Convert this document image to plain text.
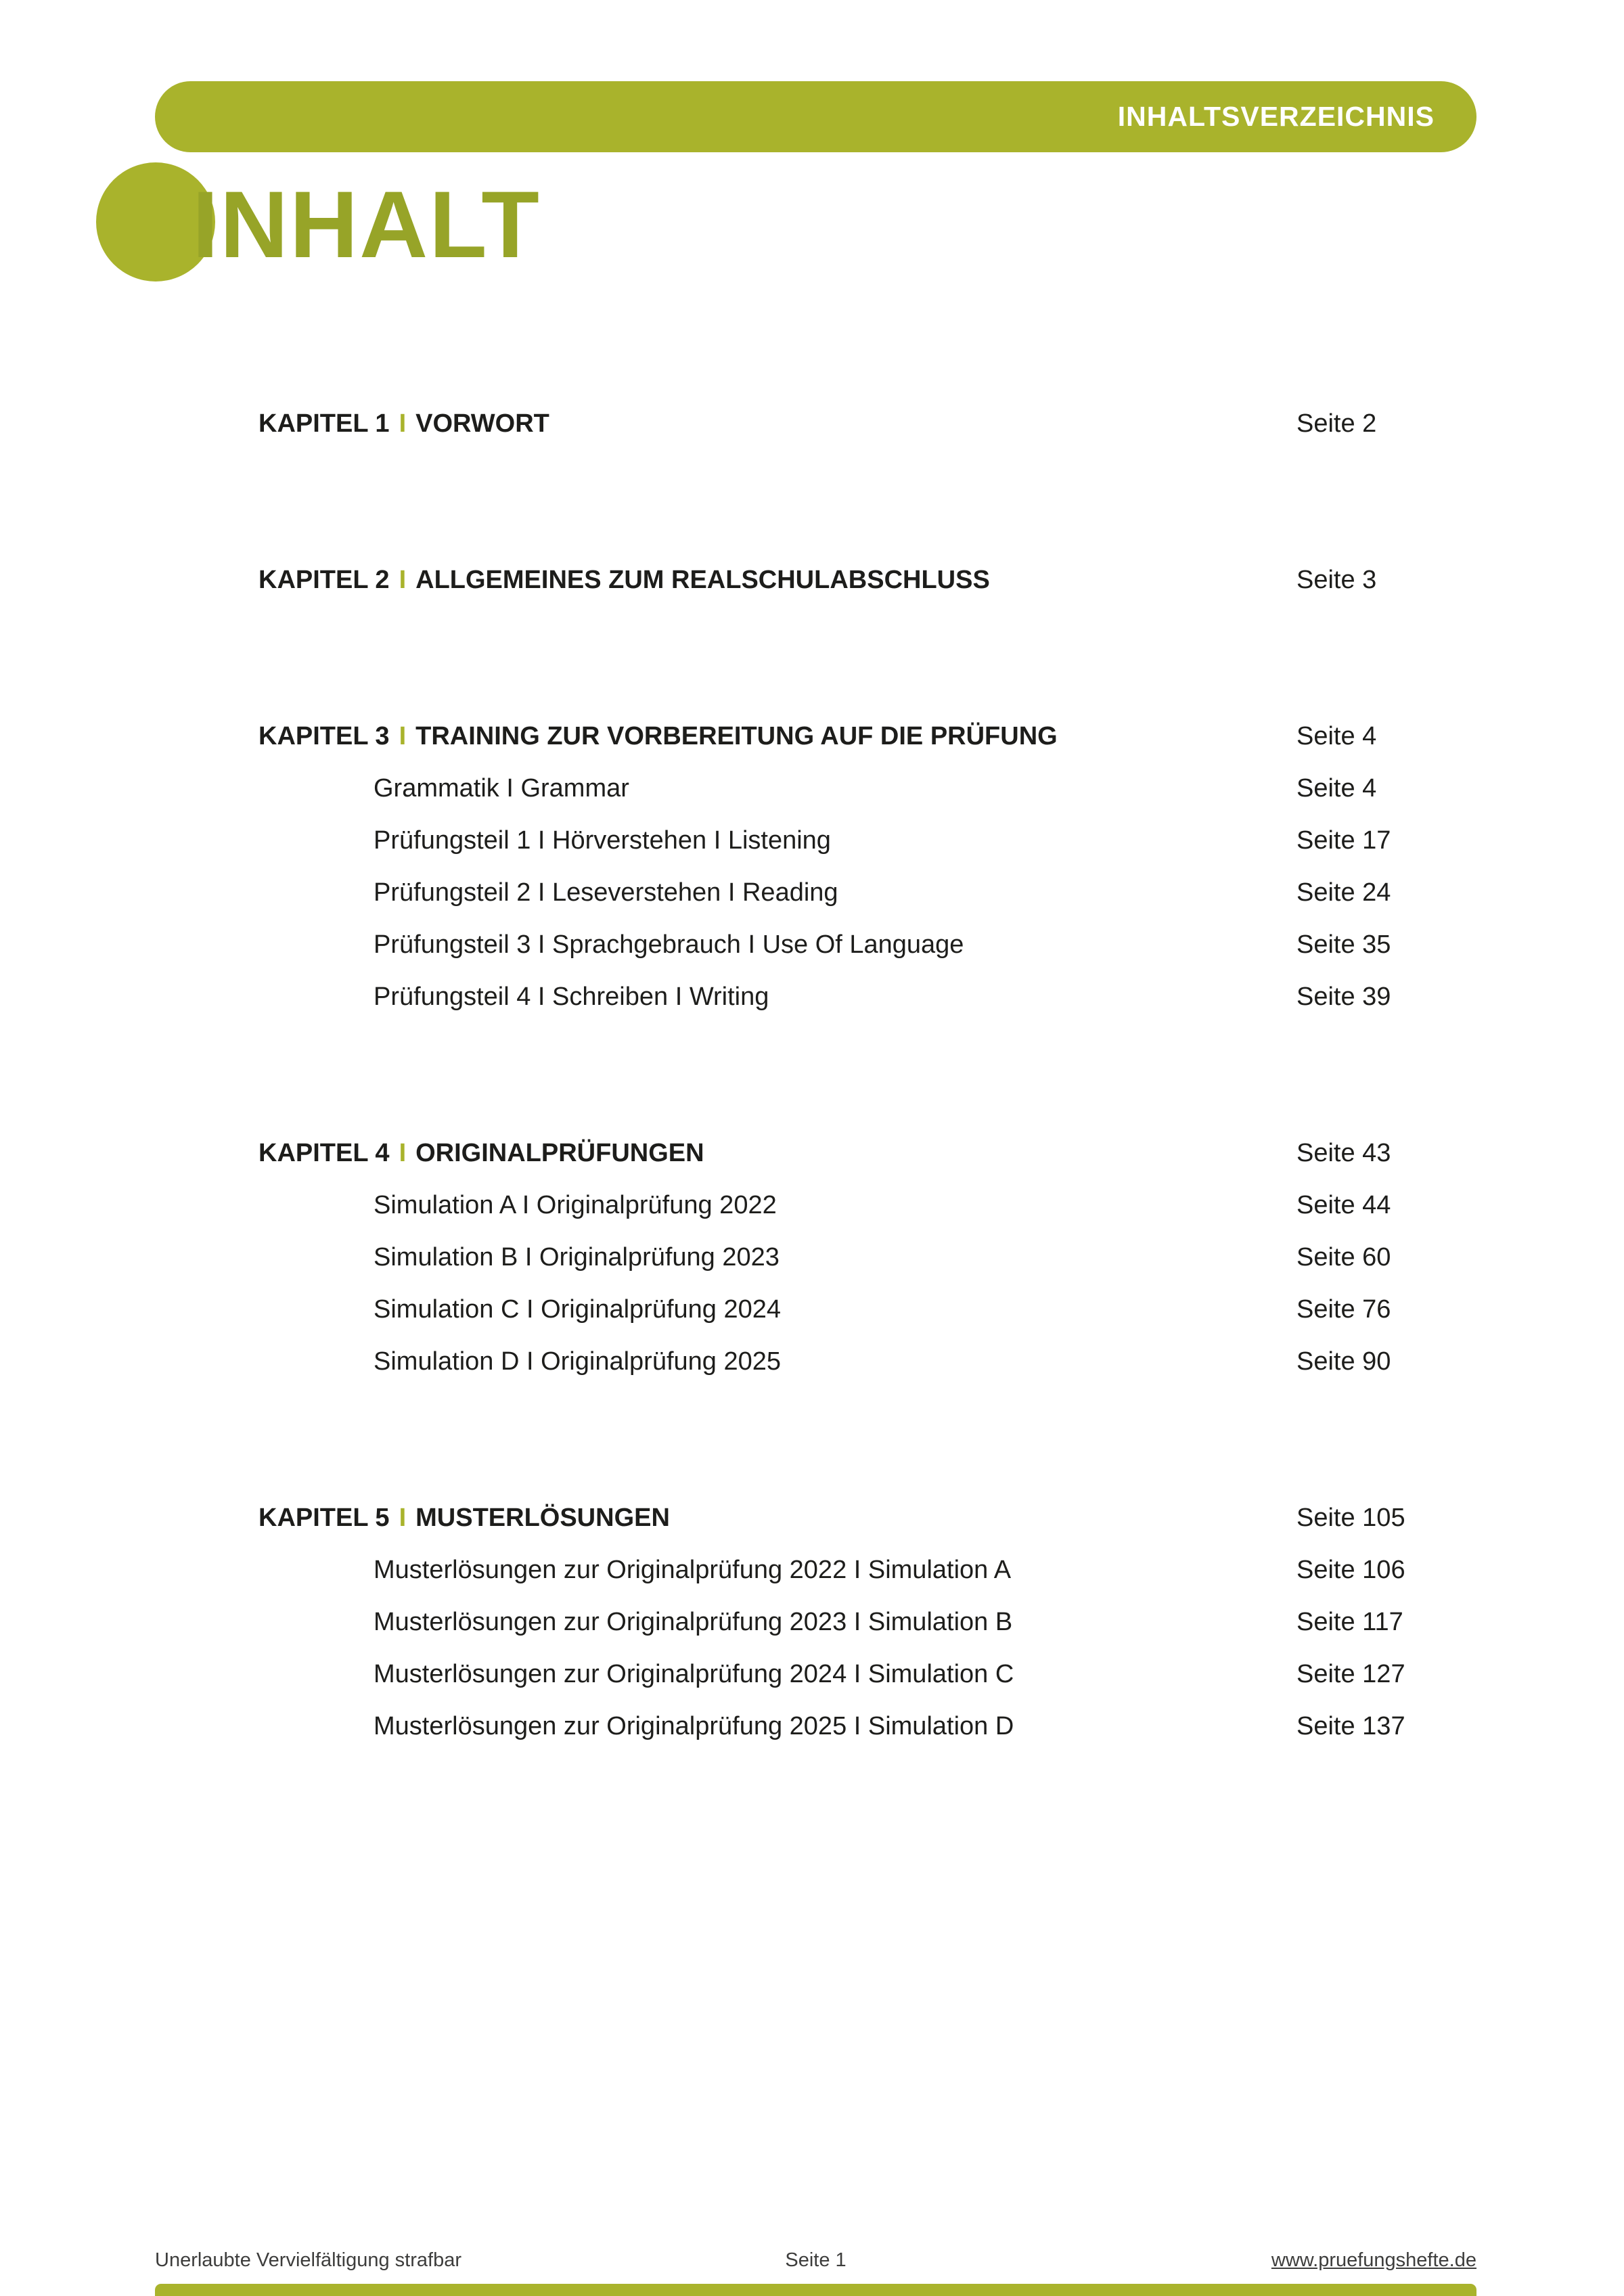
INHALTSVERZEICHNIS
INHALT
KAPITEL 1 I VORWORT	Seite 2
KAPITEL 2 I ALLGEMEINES ZUM REALSCHULABSCHLUSS	Seite 3
KAPITEL 3 I TRAINING ZUR VORBEREITUNG AUF DIE PRÜFUNG	Seite 4
Grammatik I Grammar	Seite 4
Prüfungsteil 1 I Hörverstehen I Listening	Seite 17
Prüfungsteil 2 I Leseverstehen I Reading	Seite 24
Prüfungsteil 3 I Sprachgebrauch I Use Of Language	Seite 35
Prüfungsteil 4 I Schreiben I Writing	Seite 39
KAPITEL 4 I ORIGINALPRÜFUNGEN	Seite 43
Simulation A I Originalprüfung 2022	Seite 44
Simulation B I Originalprüfung 2023	Seite 60
Simulation C I Originalprüfung 2024	Seite 76
Simulation D I Originalprüfung 2025	Seite 90
KAPITEL 5 I MUSTERLÖSUNGEN	Seite 105
Musterlösungen zur Originalprüfung 2022 I Simulation A	Seite 106
Musterlösungen zur Originalprüfung 2023 I Simulation B	Seite 117
Musterlösungen zur Originalprüfung 2024 I Simulation C	Seite 127
Musterlösungen zur Originalprüfung 2025 I Simulation D	Seite 137
Unerlaubte Vervielfältigung strafbar	Seite 1	www.pruefungshefte.de
